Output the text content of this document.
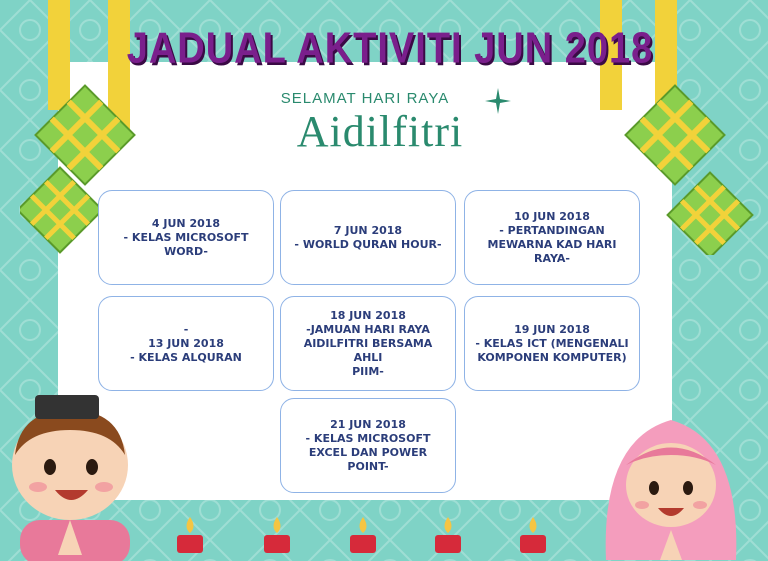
JADUAL AKTIVITI JUN 2018
SELAMAT HARI RAYA
Aidilfitri
4 JUN 2018
- KELAS MICROSOFT
WORD-
7 JUN 2018
- WORLD QURAN HOUR-
10 JUN 2018
- PERTANDINGAN
MEWARNA KAD HARI
RAYA-
-
13 JUN 2018
- KELAS ALQURAN
18 JUN 2018
-JAMUAN HARI RAYA
AIDILFITRI BERSAMA AHLI
PIIM-
19 JUN 2018
- KELAS ICT (MENGENALI
KOMPONEN KOMPUTER)
21 JUN 2018
- KELAS MICROSOFT
EXCEL DAN POWER
POINT-
